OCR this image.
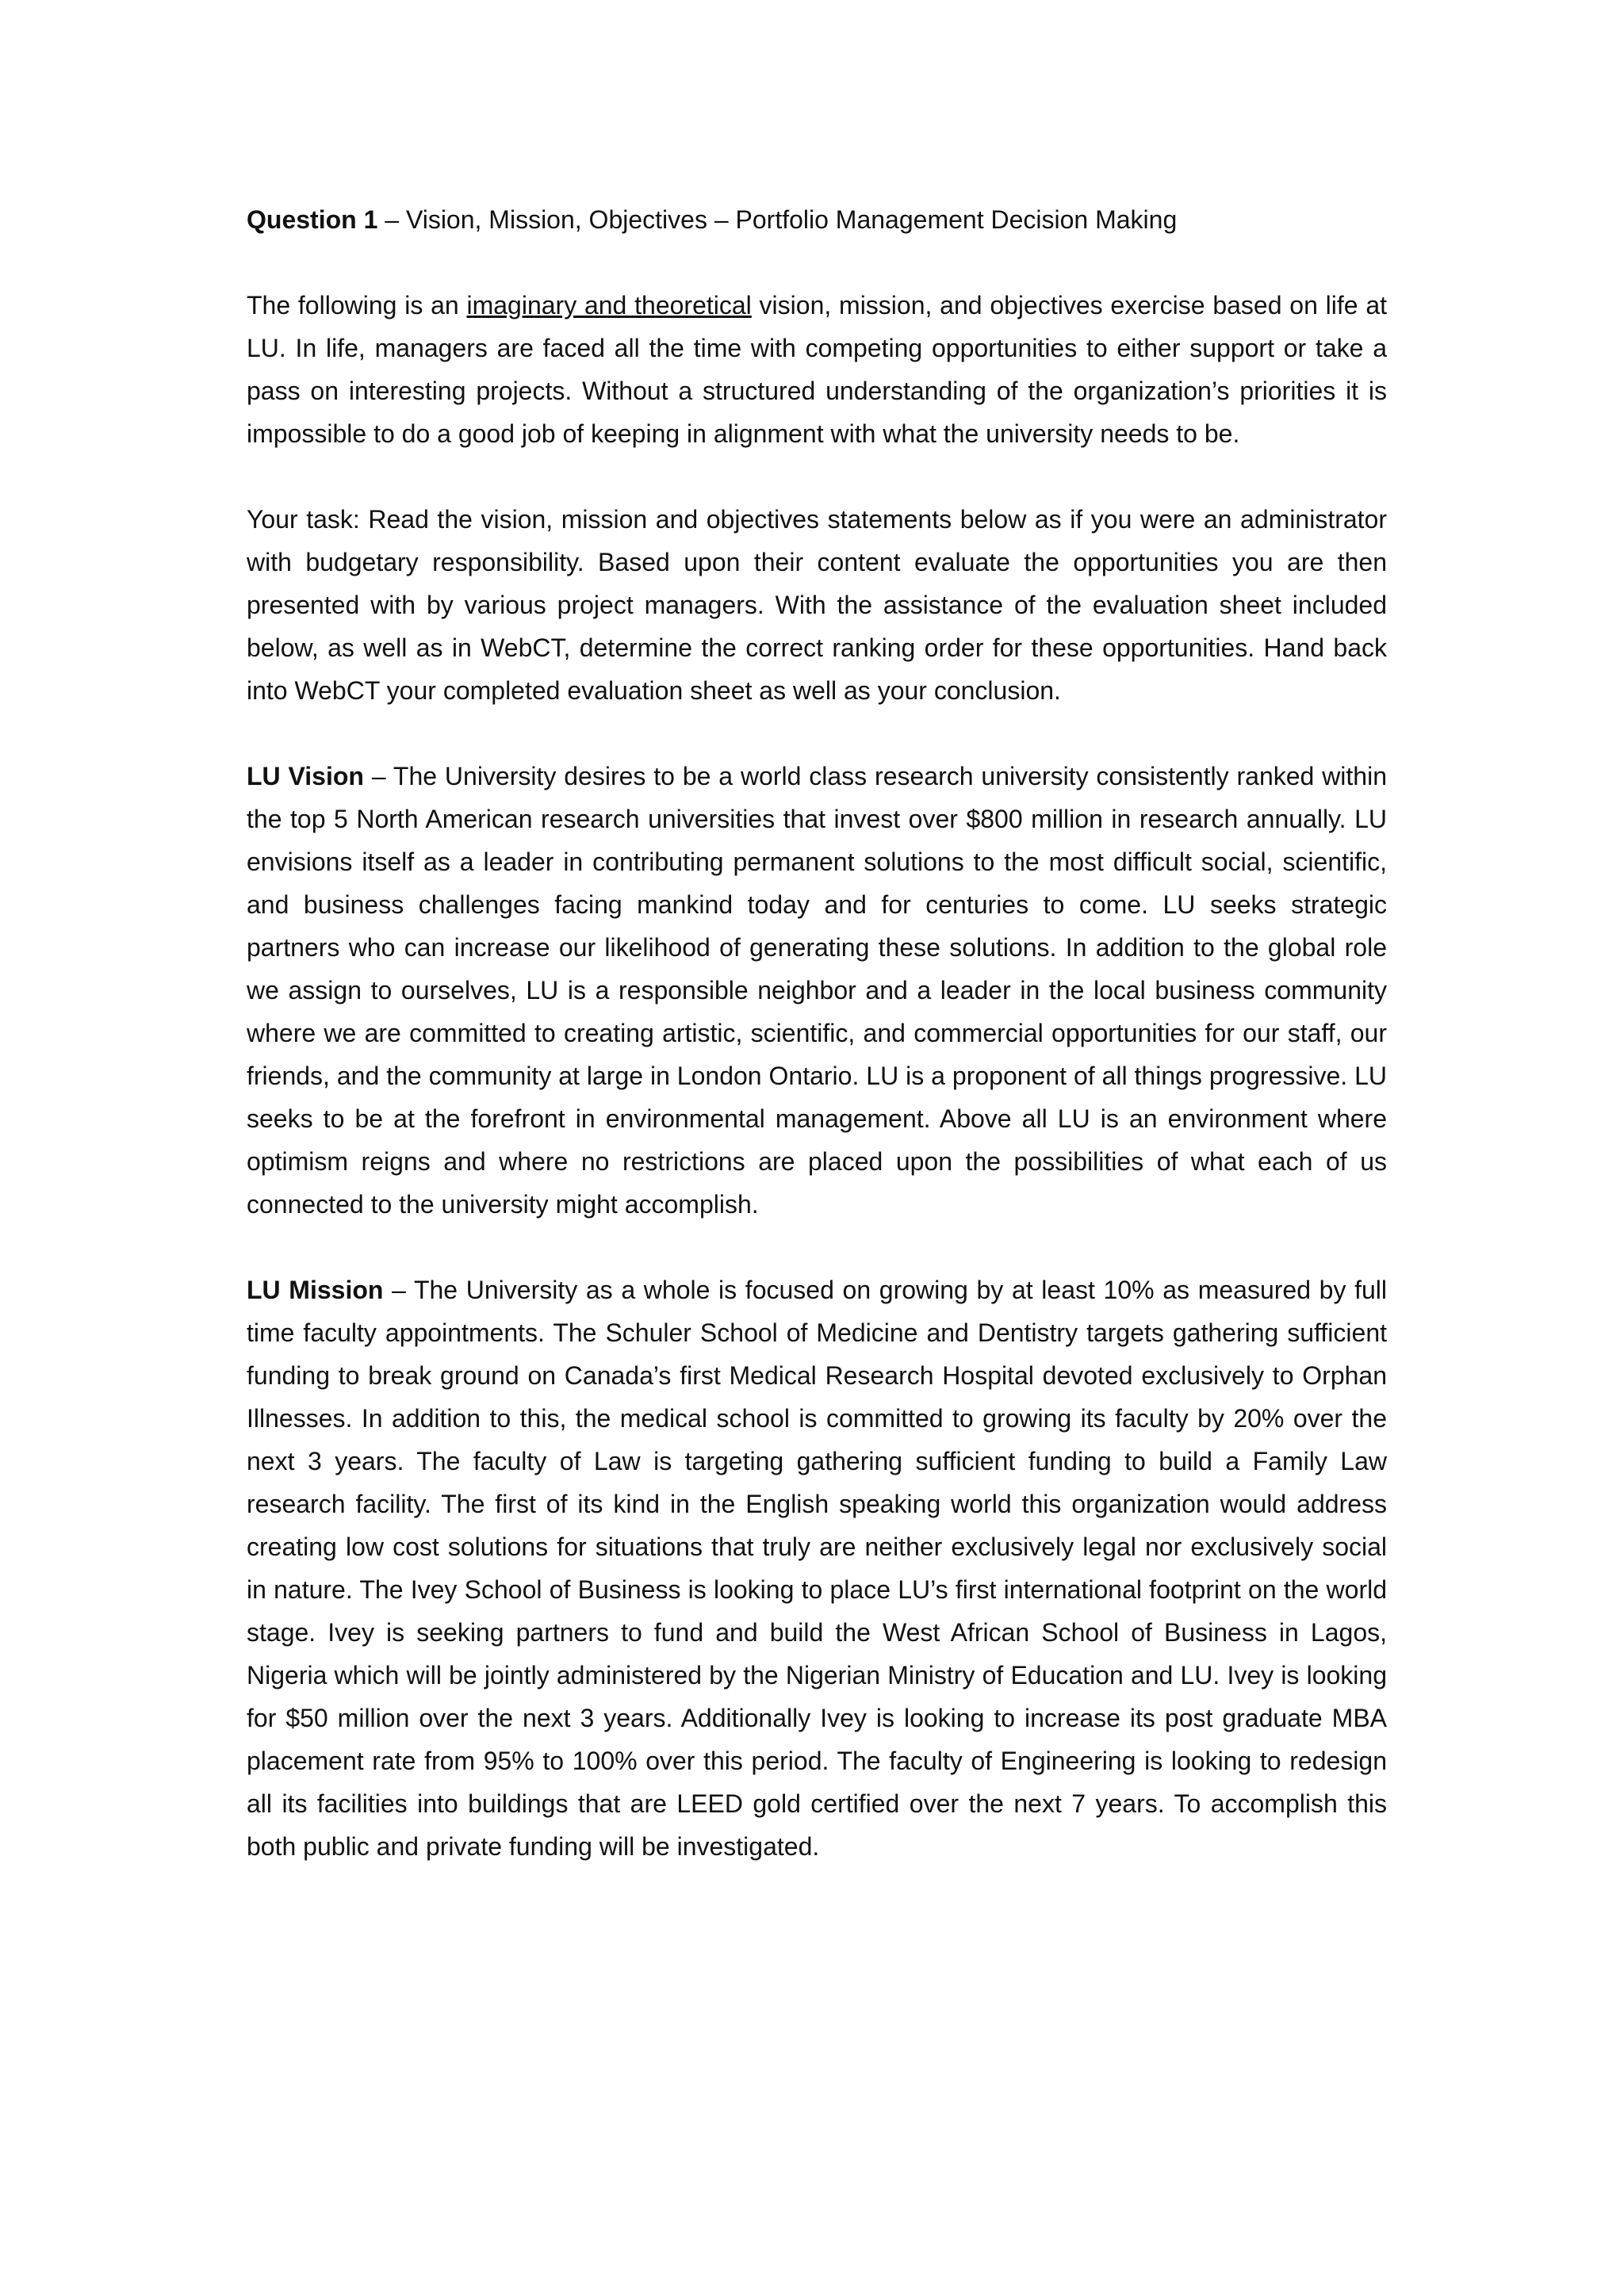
Question 1 – Vision, Mission, Objectives – Portfolio Management Decision Making

The following is an imaginary and theoretical vision, mission, and objectives exercise based on life at LU. In life, managers are faced all the time with competing opportunities to either support or take a pass on interesting projects. Without a structured understanding of the organization’s priorities it is impossible to do a good job of keeping in alignment with what the university needs to be.

Your task: Read the vision, mission and objectives statements below as if you were an administrator with budgetary responsibility. Based upon their content evaluate the opportunities you are then presented with by various project managers. With the assistance of the evaluation sheet included below, as well as in WebCT, determine the correct ranking order for these opportunities. Hand back into WebCT your completed evaluation sheet as well as your conclusion.

LU Vision – The University desires to be a world class research university consistently ranked within the top 5 North American research universities that invest over $800 million in research annually. LU envisions itself as a leader in contributing permanent solutions to the most difficult social, scientific, and business challenges facing mankind today and for centuries to come. LU seeks strategic partners who can increase our likelihood of generating these solutions. In addition to the global role we assign to ourselves, LU is a responsible neighbor and a leader in the local business community where we are committed to creating artistic, scientific, and commercial opportunities for our staff, our friends, and the community at large in London Ontario. LU is a proponent of all things progressive. LU seeks to be at the forefront in environmental management. Above all LU is an environment where optimism reigns and where no restrictions are placed upon the possibilities of what each of us connected to the university might accomplish.

LU Mission – The University as a whole is focused on growing by at least 10% as measured by full time faculty appointments. The Schuler School of Medicine and Dentistry targets gathering sufficient funding to break ground on Canada’s first Medical Research Hospital devoted exclusively to Orphan Illnesses. In addition to this, the medical school is committed to growing its faculty by 20% over the next 3 years. The faculty of Law is targeting gathering sufficient funding to build a Family Law research facility. The first of its kind in the English speaking world this organization would address creating low cost solutions for situations that truly are neither exclusively legal nor exclusively social in nature. The Ivey School of Business is looking to place LU’s first international footprint on the world stage. Ivey is seeking partners to fund and build the West African School of Business in Lagos, Nigeria which will be jointly administered by the Nigerian Ministry of Education and LU. Ivey is looking for $50 million over the next 3 years. Additionally Ivey is looking to increase its post graduate MBA placement rate from 95% to 100% over this period. The faculty of Engineering is looking to redesign all its facilities into buildings that are LEED gold certified over the next 7 years. To accomplish this both public and private funding will be investigated.
